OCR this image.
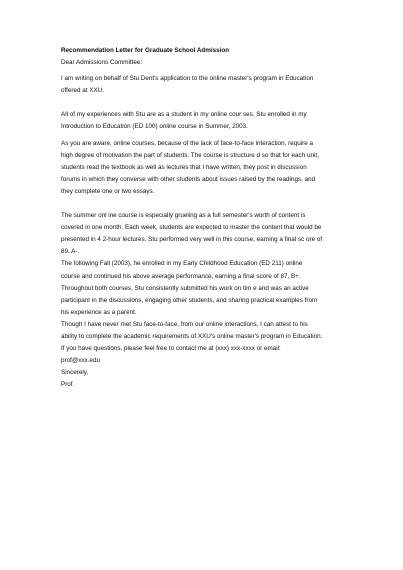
Recommendation Letter for Graduate School Admission

Dear Admissions Committee:

I am writing on behalf of Stu Dent's application to the online master's program in Education

offered at XXU.

All of my experiences with Stu are as a student in my online cour ses. Stu enrolled in my

Introduction to Education (ED 100) online course in Summer, 2003.

As you are aware, online courses, because of the lack of face-to-face interaction, require a

high degree of motivation the part of students. The course is structure d so that for each unit,

students read the textbook as well as lectures that I have written, they post in discussion

forums in which they converse with other students about issues raised by the readings, and

they complete one or two essays.

The summer onl ine course is especially grueling as a full semester's worth of content is

covered in one month. Each week, students are expected to master the content that would be

presented in 4 2-hour lectures. Stu performed very well in this course, earning a final sc ore of

89, A-.

The following Fall (2003), he enrolled in my Early Childhood Education (ED 211) online

course and continued his above average performance, earning a final score of 87, B+.

Throughout both courses, Stu consistently submitted his work on tim e and was an active

participant in the discussions, engaging other students, and sharing practical examples from

his experience as a parent.

Though I have never met Stu face-to-face, from our online interactions, I can attest to his

ability to complete the academic requirements of XXU's online master's program in Education.

If you have questions, please feel free to contact me at (xxx) xxx-xxxx or email:

prof@xxx.edu

Sincerely,

Prof.
